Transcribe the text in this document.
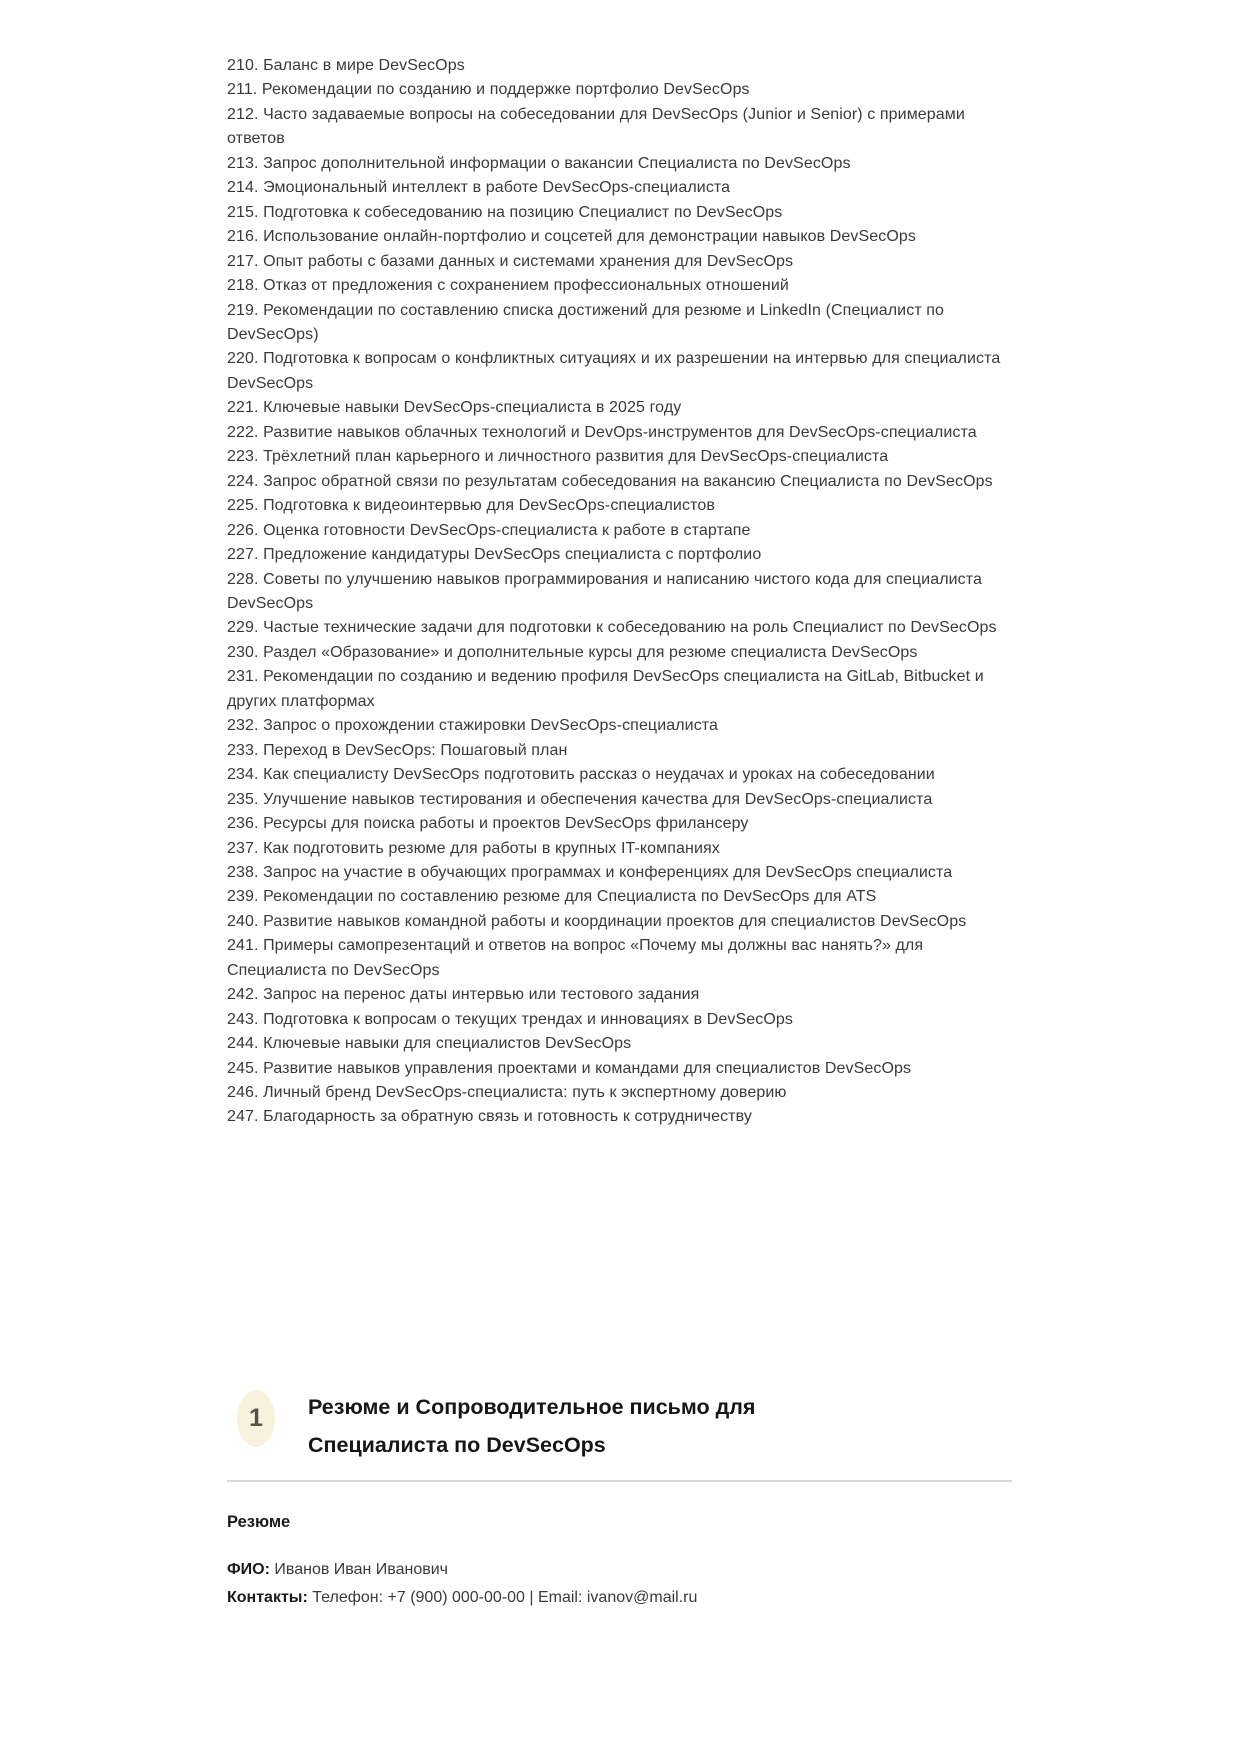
210. Баланс в мире DevSecOps

211. Рекомендации по созданию и поддержке портфолио DevSecOps

212. Часто задаваемые вопросы на собеседовании для DevSecOps (Junior и Senior) с примерами ответов

213. Запрос дополнительной информации о вакансии Специалиста по DevSecOps

214. Эмоциональный интеллект в работе DevSecOps-специалиста

215. Подготовка к собеседованию на позицию Специалист по DevSecOps

216. Использование онлайн-портфолио и соцсетей для демонстрации навыков DevSecOps

217. Опыт работы с базами данных и системами хранения для DevSecOps

218. Отказ от предложения с сохранением профессиональных отношений

219. Рекомендации по составлению списка достижений для резюме и LinkedIn (Специалист по DevSecOps)

220. Подготовка к вопросам о конфликтных ситуациях и их разрешении на интервью для специалиста DevSecOps

221. Ключевые навыки DevSecOps-специалиста в 2025 году

222. Развитие навыков облачных технологий и DevOps-инструментов для DevSecOps-специалиста

223. Трёхлетний план карьерного и личностного развития для DevSecOps-специалиста

224. Запрос обратной связи по результатам собеседования на вакансию Специалиста по DevSecOps

225. Подготовка к видеоинтервью для DevSecOps-специалистов

226. Оценка готовности DevSecOps-специалиста к работе в стартапе

227. Предложение кандидатуры DevSecOps специалиста с портфолио

228. Советы по улучшению навыков программирования и написанию чистого кода для специалиста DevSecOps

229. Частые технические задачи для подготовки к собеседованию на роль Специалист по DevSecOps

230. Раздел «Образование» и дополнительные курсы для резюме специалиста DevSecOps

231. Рекомендации по созданию и ведению профиля DevSecOps специалиста на GitLab, Bitbucket и других платформах

232. Запрос о прохождении стажировки DevSecOps-специалиста

233. Переход в DevSecOps: Пошаговый план

234. Как специалисту DevSecOps подготовить рассказ о неудачах и уроках на собеседовании

235. Улучшение навыков тестирования и обеспечения качества для DevSecOps-специалиста

236. Ресурсы для поиска работы и проектов DevSecOps фрилансеру

237. Как подготовить резюме для работы в крупных IT-компаниях

238. Запрос на участие в обучающих программах и конференциях для DevSecOps специалиста

239. Рекомендации по составлению резюме для Специалиста по DevSecOps для ATS

240. Развитие навыков командной работы и координации проектов для специалистов DevSecOps

241. Примеры самопрезентаций и ответов на вопрос «Почему мы должны вас нанять?» для Специалиста по DevSecOps

242. Запрос на перенос даты интервью или тестового задания

243. Подготовка к вопросам о текущих трендах и инновациях в DevSecOps

244. Ключевые навыки для специалистов DevSecOps

245. Развитие навыков управления проектами и командами для специалистов DevSecOps

246. Личный бренд DevSecOps-специалиста: путь к экспертному доверию

247. Благодарность за обратную связь и готовность к сотрудничеству

1 Резюме и Сопроводительное письмо для Специалиста по DevSecOps
Резюме

ФИО: Иванов Иван Иванович

Контакты: Телефон: +7 (900) 000-00-00 | Email: ivanov@mail.ru
